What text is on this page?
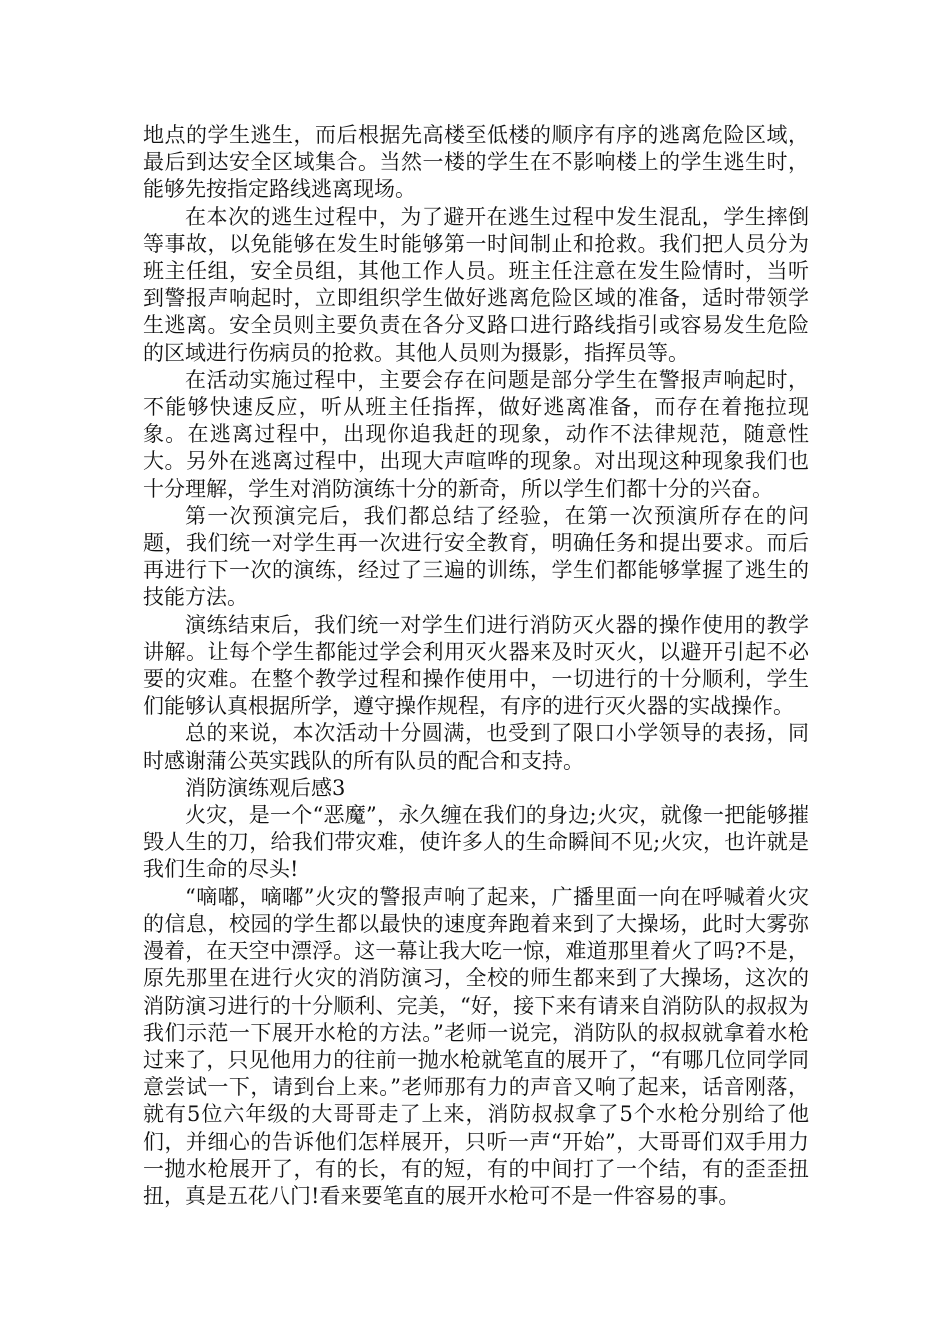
地点的学生逃生，而后根据先高楼至低楼的顺序有序的逃离危险区域，最后到达安全区域集合。当然一楼的学生在不影响楼上的学生逃生时，能够先按指定路线逃离现场。

在本次的逃生过程中，为了避开在逃生过程中发生混乱，学生摔倒等事故，以免能够在发生时能够第一时间制止和抢救。我们把人员分为班主任组，安全员组，其他工作人员。班主任注意在发生险情时，当听到警报声响起时，立即组织学生做好逃离危险区域的准备，适时带领学生逃离。安全员则主要负责在各分叉路口进行路线指引或容易发生危险的区域进行伤病员的抢救。其他人员则为摄影，指挥员等。

在活动实施过程中，主要会存在问题是部分学生在警报声响起时，不能够快速反应，听从班主任指挥，做好逃离准备，而存在着拖拉现象。在逃离过程中，出现你追我赶的现象，动作不法律规范，随意性大。另外在逃离过程中，出现大声喧哗的现象。对出现这种现象我们也十分理解，学生对消防演练十分的新奇，所以学生们都十分的兴奋。

第一次预演完后，我们都总结了经验，在第一次预演所存在的问题，我们统一对学生再一次进行安全教育，明确任务和提出要求。而后再进行下一次的演练，经过了三遍的训练，学生们都能够掌握了逃生的技能方法。

演练结束后，我们统一对学生们进行消防灭火器的操作使用的教学讲解。让每个学生都能过学会利用灭火器来及时灭火，以避开引起不必要的灾难。在整个教学过程和操作使用中，一切进行的十分顺利，学生们能够认真根据所学，遵守操作规程，有序的进行灭火器的实战操作。

总的来说，本次活动十分圆满，也受到了限口小学领导的表扬，同时感谢蒲公英实践队的所有队员的配合和支持。

消防演练观后感3

火灾，是一个“恶魔”，永久缠在我们的身边;火灾，就像一把能够摧毁人生的刀，给我们带灾难，使许多人的生命瞬间不见;火灾，也许就是我们生命的尽头!

“嘀嘟，嘀嘟”火灾的警报声响了起来，广播里面一向在呼喊着火灾的信息，校园的学生都以最快的速度奔跑着来到了大操场，此时大雾弥漫着，在天空中漂浮。这一幕让我大吃一惊，难道那里着火了吗?不是，原先那里在进行火灾的消防演习，全校的师生都来到了大操场，这次的消防演习进行的十分顺利、完美，“好，接下来有请来自消防队的叔叔为我们示范一下展开水枪的方法。”老师一说完，消防队的叔叔就拿着水枪过来了，只见他用力的往前一抛水枪就笔直的展开了，“有哪几位同学同意尝试一下，请到台上来。”老师那有力的声音又响了起来，话音刚落，就有5位六年级的大哥哥走了上来，消防叔叔拿了5个水枪分别给了他们，并细心的告诉他们怎样展开，只听一声“开始”，大哥哥们双手用力一抛水枪展开了，有的长，有的短，有的中间打了一个结，有的歪歪扭扭，真是五花八门!看来要笔直的展开水枪可不是一件容易的事。
